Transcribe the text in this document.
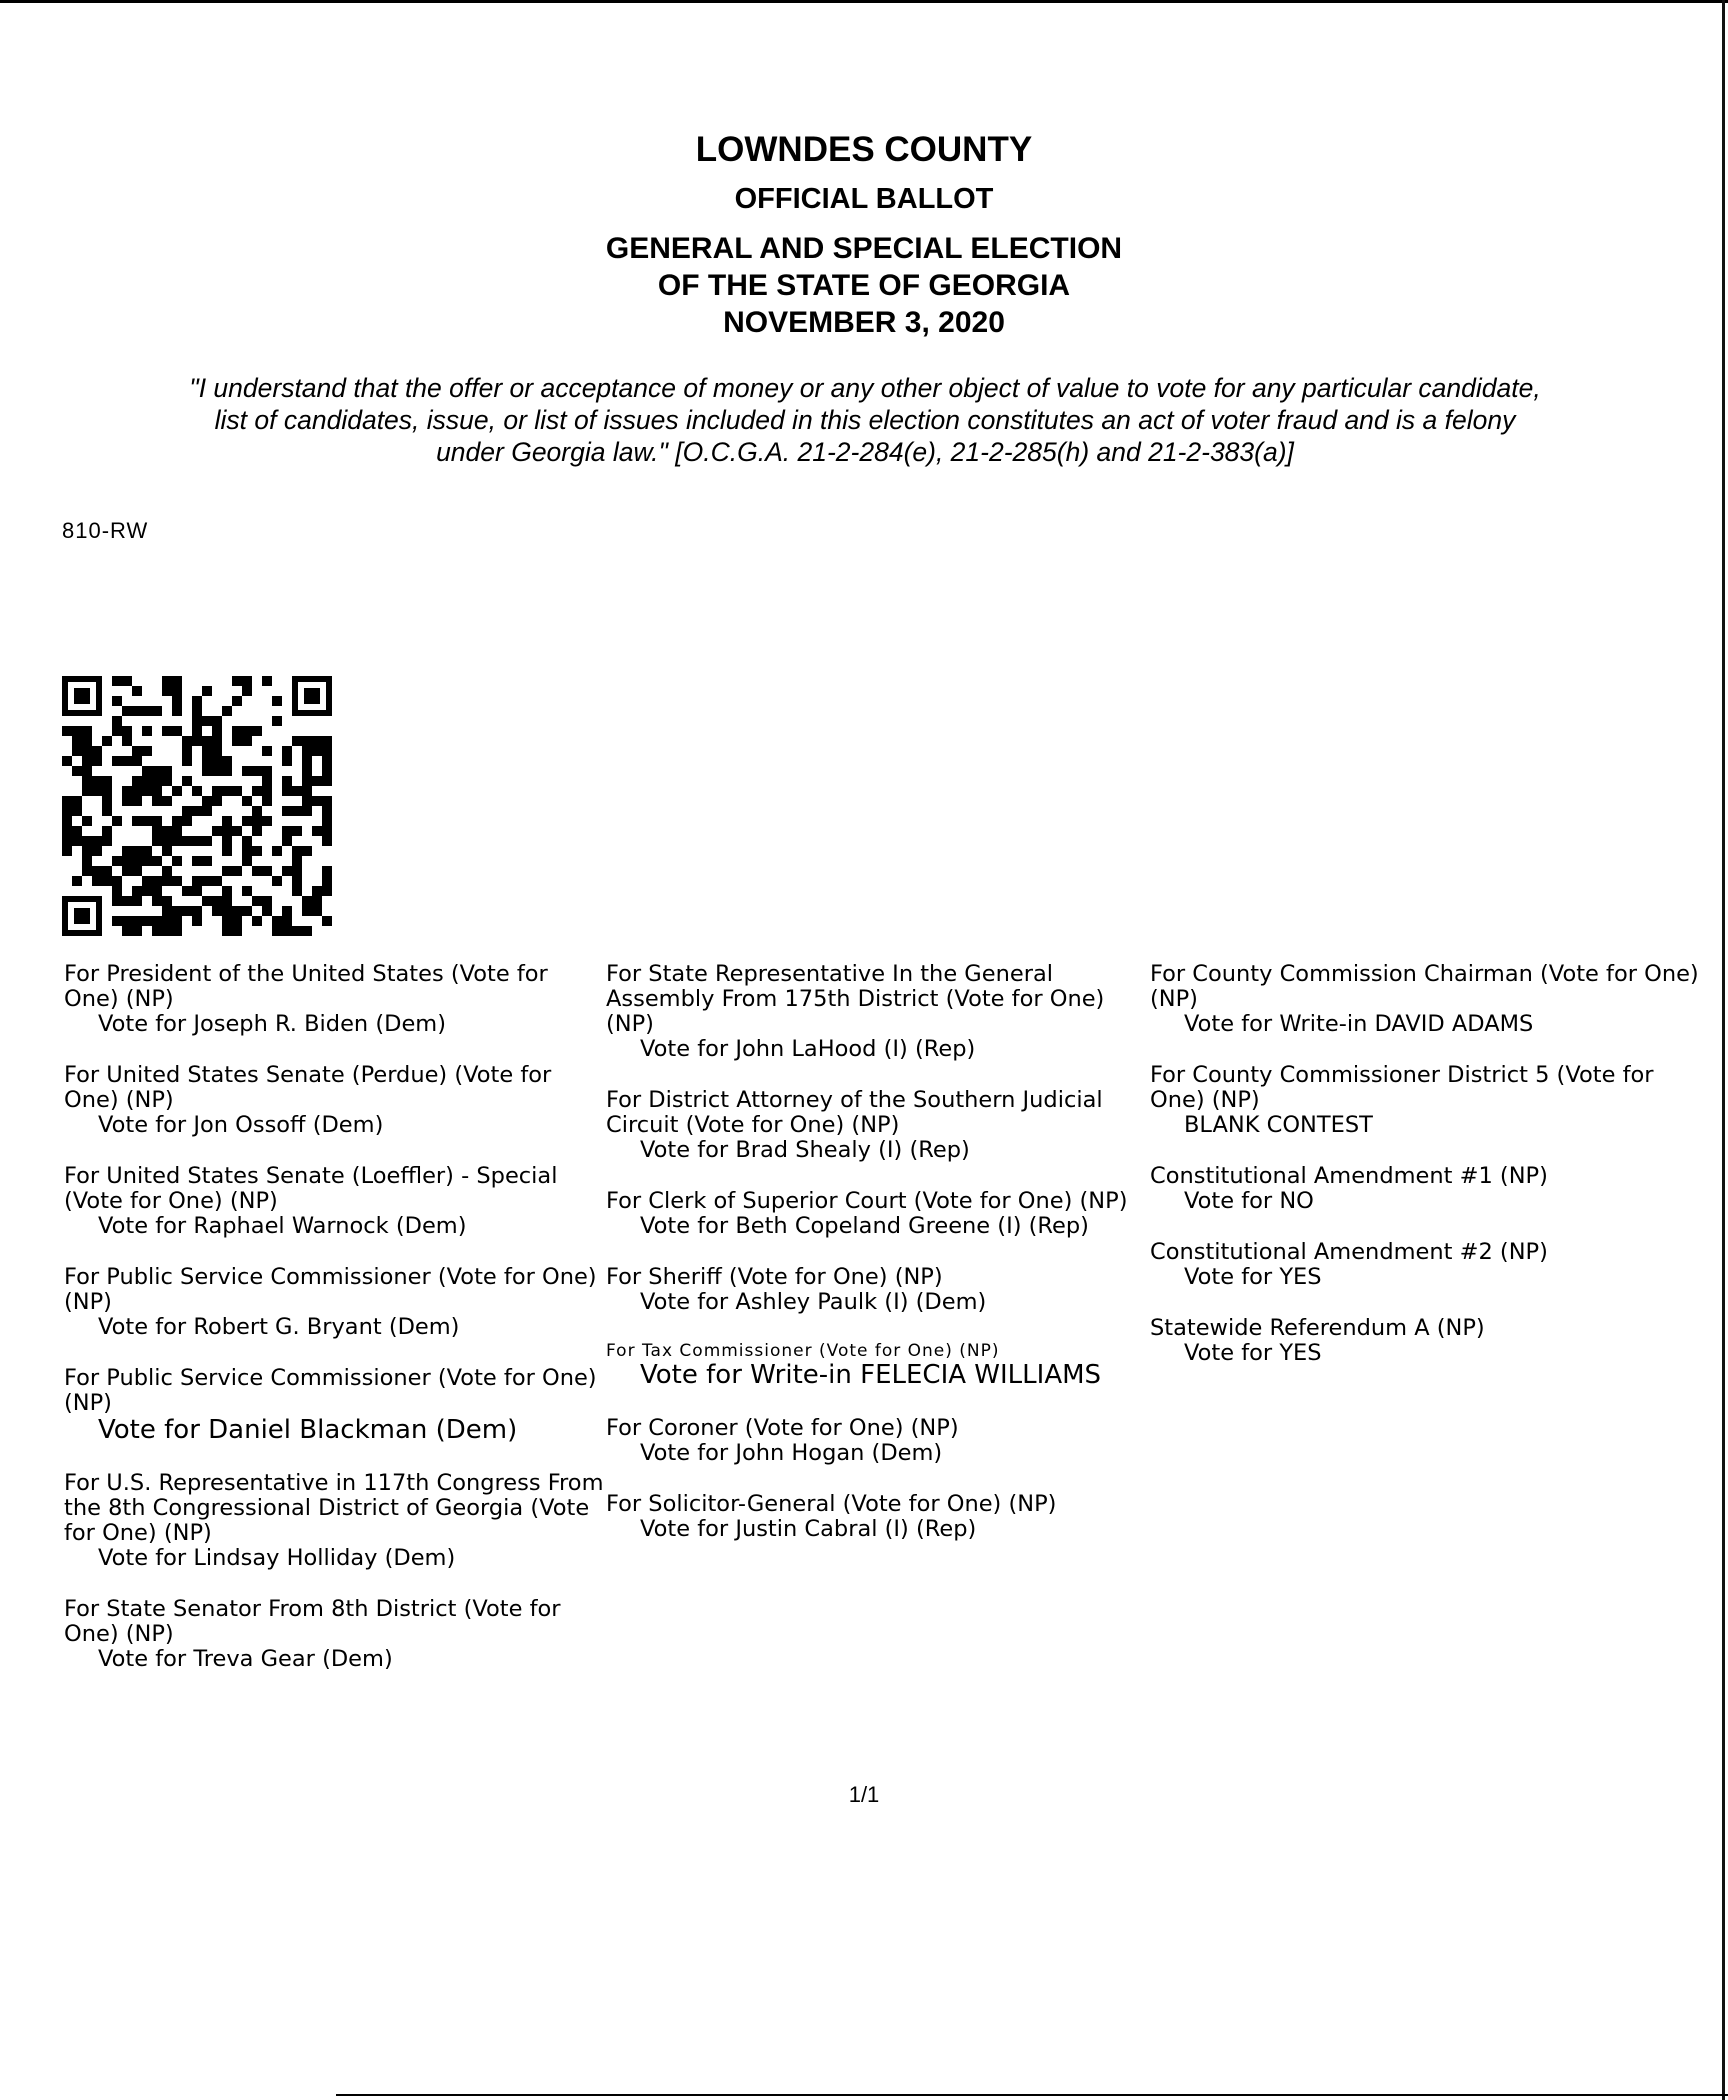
LOWNDES COUNTY
OFFICIAL BALLOT
GENERAL AND SPECIAL ELECTION
OF THE STATE OF GEORGIA
NOVEMBER 3, 2020
"I understand that the offer or acceptance of money or any other object of value to vote for any particular candidate,
list of candidates, issue, or list of issues included in this election constitutes an act of voter fraud and is a felony
under Georgia law." [O.C.G.A. 21-2-284(e), 21-2-285(h) and 21-2-383(a)]
810-RW
For President of the United States (Vote for One) (NP)
Vote for Joseph R. Biden (Dem)
For United States Senate (Perdue) (Vote for One) (NP)
Vote for Jon Ossoff (Dem)
For United States Senate (Loeffler) - Special (Vote for One) (NP)
Vote for Raphael Warnock (Dem)
For Public Service Commissioner (Vote for One) (NP)
Vote for Robert G. Bryant (Dem)
For Public Service Commissioner (Vote for One) (NP)
Vote for Daniel Blackman (Dem)
For U.S. Representative in 117th Congress From the 8th Congressional District of Georgia (Vote for One) (NP)
Vote for Lindsay Holliday (Dem)
For State Senator From 8th District (Vote for One) (NP)
Vote for Treva Gear (Dem)
For State Representative In the General Assembly From 175th District (Vote for One) (NP)
Vote for John LaHood (I) (Rep)
For District Attorney of the Southern Judicial Circuit (Vote for One) (NP)
Vote for Brad Shealy (I) (Rep)
For Clerk of Superior Court (Vote for One) (NP)
Vote for Beth Copeland Greene (I) (Rep)
For Sheriff (Vote for One) (NP)
Vote for Ashley Paulk (I) (Dem)
For Tax Commissioner (Vote for One) (NP)
Vote for Write-in FELECIA WILLIAMS
For Coroner (Vote for One) (NP)
Vote for John Hogan (Dem)
For Solicitor-General (Vote for One) (NP)
Vote for Justin Cabral (I) (Rep)
For County Commission Chairman (Vote for One) (NP)
Vote for Write-in DAVID ADAMS
For County Commissioner District 5 (Vote for One) (NP)
BLANK CONTEST
Constitutional Amendment #1 (NP)
Vote for NO
Constitutional Amendment #2 (NP)
Vote for YES
Statewide Referendum A (NP)
Vote for YES
1/1
